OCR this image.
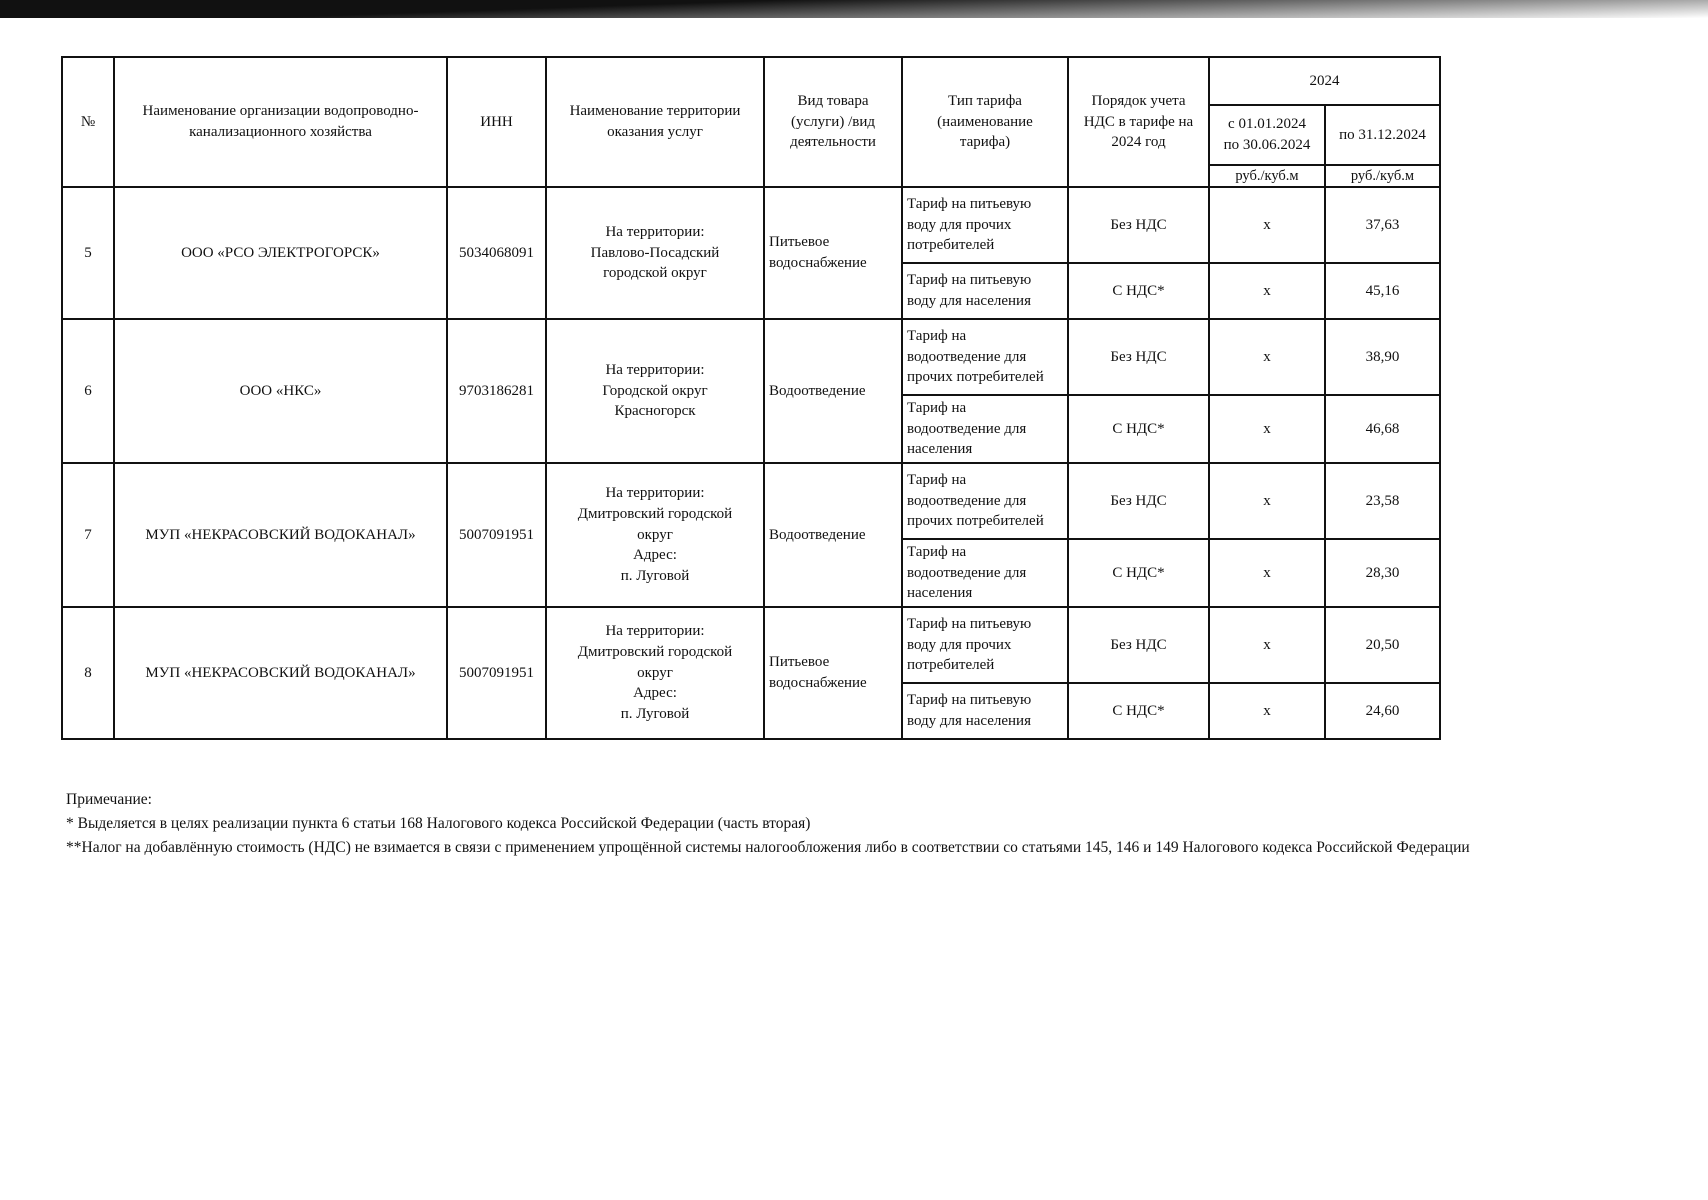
№	Наименование организации водопроводно-
канализационного хозяйства	ИНН	Наименование территории
оказания услуг	Вид товара
(услуги) /вид
деятельности	Тип тарифа
(наименование
тарифа)	Порядок учета
НДС в тарифе на
2024 год	2024	
							с 01.01.2024
по 30.06.2024	по 31.12.2024
							руб./куб.м	руб./куб.м
5	ООО «РСО ЭЛЕКТРОГОРСК»	5034068091	На территории:
Павлово-Посадский
городской округ	Питьевое
водоснабжение	Тариф на питьевую
воду для прочих
потребителей	Без НДС	x	37,63
					Тариф на питьевую
воду для населения	С НДС*	x	45,16
6	ООО «НКС»	9703186281	На территории:
Городской округ
Красногорск	Водоотведение	Тариф на
водоотведение для
прочих потребителей	Без НДС	x	38,90
					Тариф на
водоотведение для
населения	С НДС*	x	46,68
7	МУП «НЕКРАСОВСКИЙ ВОДОКАНАЛ»	5007091951	На территории:
Дмитровский городской
округ
Адрес:
п. Луговой	Водоотведение	Тариф на
водоотведение для
прочих потребителей	Без НДС	x	23,58
					Тариф на
водоотведение для
населения	С НДС*	x	28,30
8	МУП «НЕКРАСОВСКИЙ ВОДОКАНАЛ»	5007091951	На территории:
Дмитровский городской
округ
Адрес:
п. Луговой	Питьевое
водоснабжение	Тариф на питьевую
воду для прочих
потребителей	Без НДС	x	20,50
					Тариф на питьевую
воду для населения	С НДС*	x	24,60
Примечание:
* Выделяется в целях реализации пункта 6 статьи 168 Налогового кодекса Российской Федерации (часть вторая)
**Налог на добавлённую стоимость (НДС) не взимается в связи с применением упрощённой системы налогообложения либо в соответствии со статьями 145, 146 и 149 Налогового кодекса Российской Федерации
